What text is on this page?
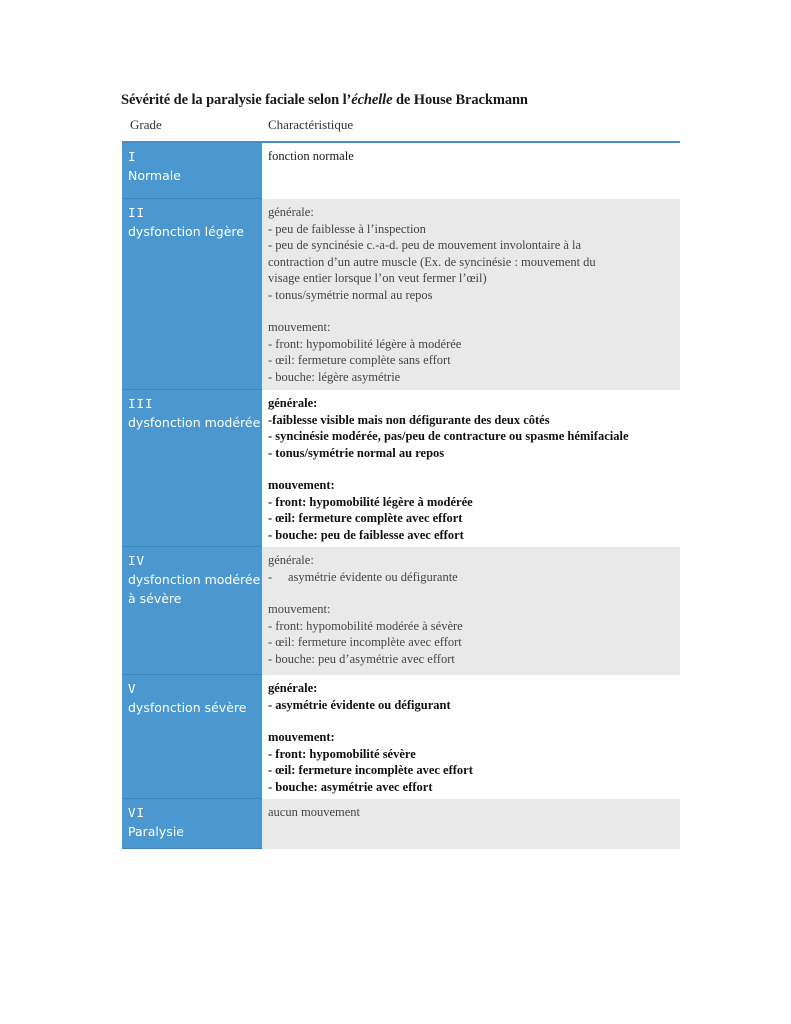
Sévérité de la paralysie faciale selon l’échelle de House Brackmann
Grade	Charactéristique
I
Normale

fonction normale

II
dysfonction légère

générale:

- peu de faiblesse à l’inspection

- peu de syncinésie c.-a-d. peu de mouvement involontaire à la

contraction d’un autre muscle (Ex. de syncinésie : mouvement du

visage entier lorsque l’on veut fermer l’œil)

- tonus/symétrie normal au repos

mouvement:

- front: hypomobilité légère à modérée

- œil: fermeture complète sans effort

- bouche: légère asymétrie

III
dysfonction modérée

générale:

-faiblesse visible mais non défigurante des deux côtés

- syncinésie modérée, pas/peu de contracture ou spasme hémifaciale

- tonus/symétrie normal au repos

mouvement:

- front: hypomobilité légère à modérée

- œil: fermeture complète avec effort

- bouche: peu de faiblesse avec effort

IV
dysfonction modérée à sévère

générale:

- asymétrie évidente ou défigurante

mouvement:

- front: hypomobilité modérée à sévère

- œil: fermeture incomplète avec effort

- bouche: peu d’asymétrie avec effort

V
dysfonction sévère

générale:

- asymétrie évidente ou défigurant

mouvement:

- front: hypomobilité sévère

- œil: fermeture incomplète avec effort

- bouche: asymétrie avec effort

VI
Paralysie

aucun mouvement
